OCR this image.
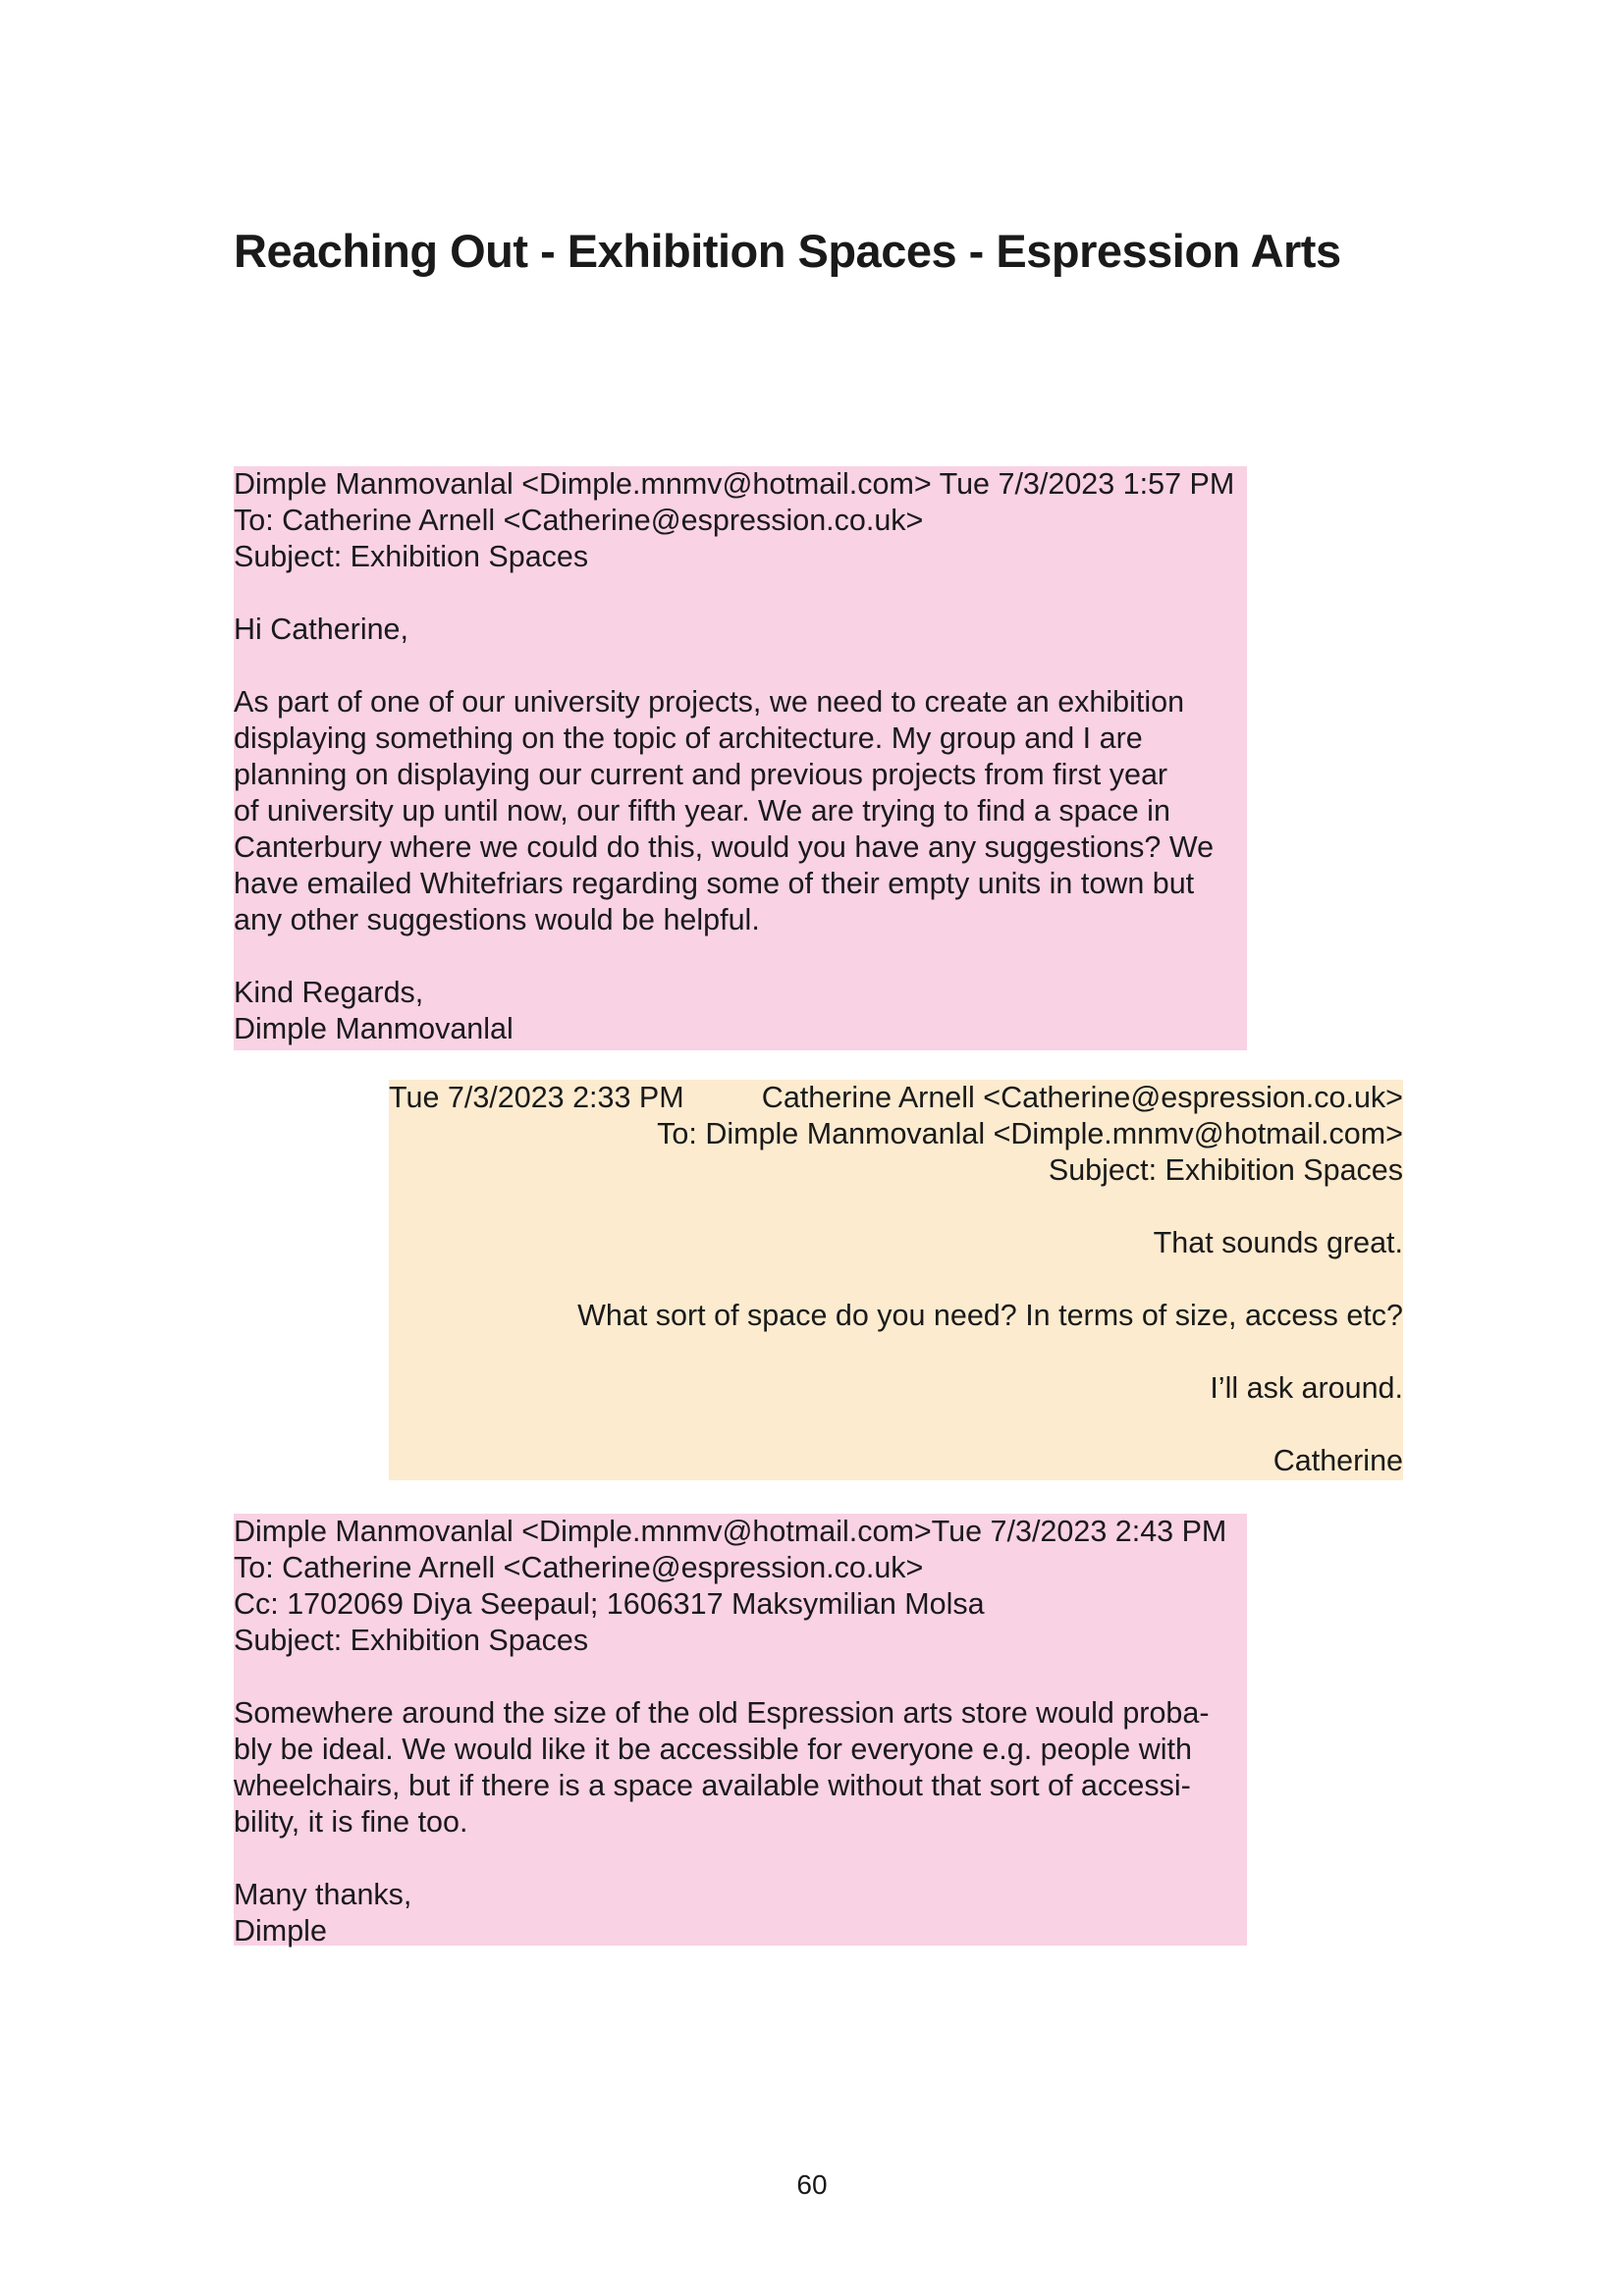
Reaching Out - Exhibition Spaces - Espression Arts
Dimple Manmovanlal <Dimple.mnmv@hotmail.com> Tue 7/3/2023 1:57 PM
To: Catherine Arnell <Catherine@espression.co.uk>
Subject: Exhibition Spaces
Hi Catherine,
As part of one of our university projects, we need to create an exhibition
displaying something on the topic of architecture. My group and I are
planning on displaying our current and previous projects from first year
of university up until now, our fifth year. We are trying to find a space in
Canterbury where we could do this, would you have any suggestions? We
have emailed Whitefriars regarding some of their empty units in town but
any other suggestions would be helpful.
Kind Regards,
Dimple Manmovanlal
Tue 7/3/2023 2:33 PM	Catherine Arnell <Catherine@espression.co.uk>
To: Dimple Manmovanlal <Dimple.mnmv@hotmail.com>
Subject: Exhibition Spaces
That sounds great.
What sort of space do you need? In terms of size, access etc?
I’ll ask around.
Catherine
Dimple Manmovanlal <Dimple.mnmv@hotmail.com>Tue 7/3/2023 2:43 PM
To: Catherine Arnell <Catherine@espression.co.uk>
Cc: 1702069 Diya Seepaul; 1606317 Maksymilian Molsa
Subject: Exhibition Spaces
Somewhere around the size of the old Espression arts store would proba-
bly be ideal. We would like it be accessible for everyone e.g. people with
wheelchairs, but if there is a space available without that sort of accessi-
bility, it is fine too.
Many thanks,
Dimple
60
